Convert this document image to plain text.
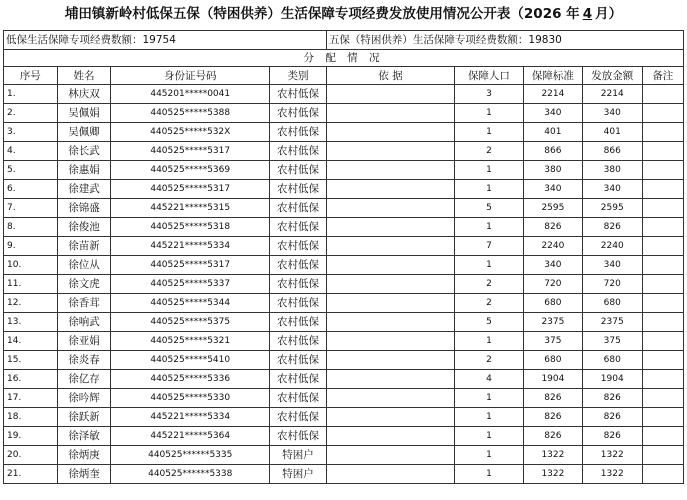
埔田镇新岭村低保五保（特困供养）生活保障专项经费发放使用情况公开表（2026 年 4 月）
低保生活保障专项经费数额：19754				五保（特困供养）生活保障专项经费数额：19830				
分 配 情 况								
序号	姓名	身份证号码	类别	依 据	保障人口	保障标准	发放金额	备注
1.	林庆双	445201*****0041	农村低保		3	2214	2214	
2.	吴佩娟	440525*****5388	农村低保		1	340	340	
3.	吴佩卿	440525*****532X	农村低保		1	401	401	
4.	徐长武	440525*****5317	农村低保		2	866	866	
5.	徐惠娟	440525*****5369	农村低保		1	380	380	
6.	徐建武	440525*****5317	农村低保		1	340	340	
7.	徐锦盛	445221*****5315	农村低保		5	2595	2595	
8.	徐俊池	440525*****5318	农村低保		1	826	826	
9.	徐苗新	445221*****5334	农村低保		7	2240	2240	
10.	徐位从	440525*****5317	农村低保		1	340	340	
11.	徐文虎	440525*****5337	农村低保		2	720	720	
12.	徐香茸	440525*****5344	农村低保		2	680	680	
13.	徐响武	440525*****5375	农村低保		5	2375	2375	
14.	徐亚娟	440525*****5321	农村低保		1	375	375	
15.	徐炎春	440525*****5410	农村低保		2	680	680	
16.	徐亿存	440525*****5336	农村低保		4	1904	1904	
17.	徐吟辉	440525*****5330	农村低保		1	826	826	
18.	徐跃新	445221*****5334	农村低保		1	826	826	
19.	徐泽敏	445221*****5364	农村低保		1	826	826	
20.	徐炳庚	440525******5335	特困户		1	1322	1322	
21.	徐炳奎	440525******5338	特困户		1	1322	1322	
